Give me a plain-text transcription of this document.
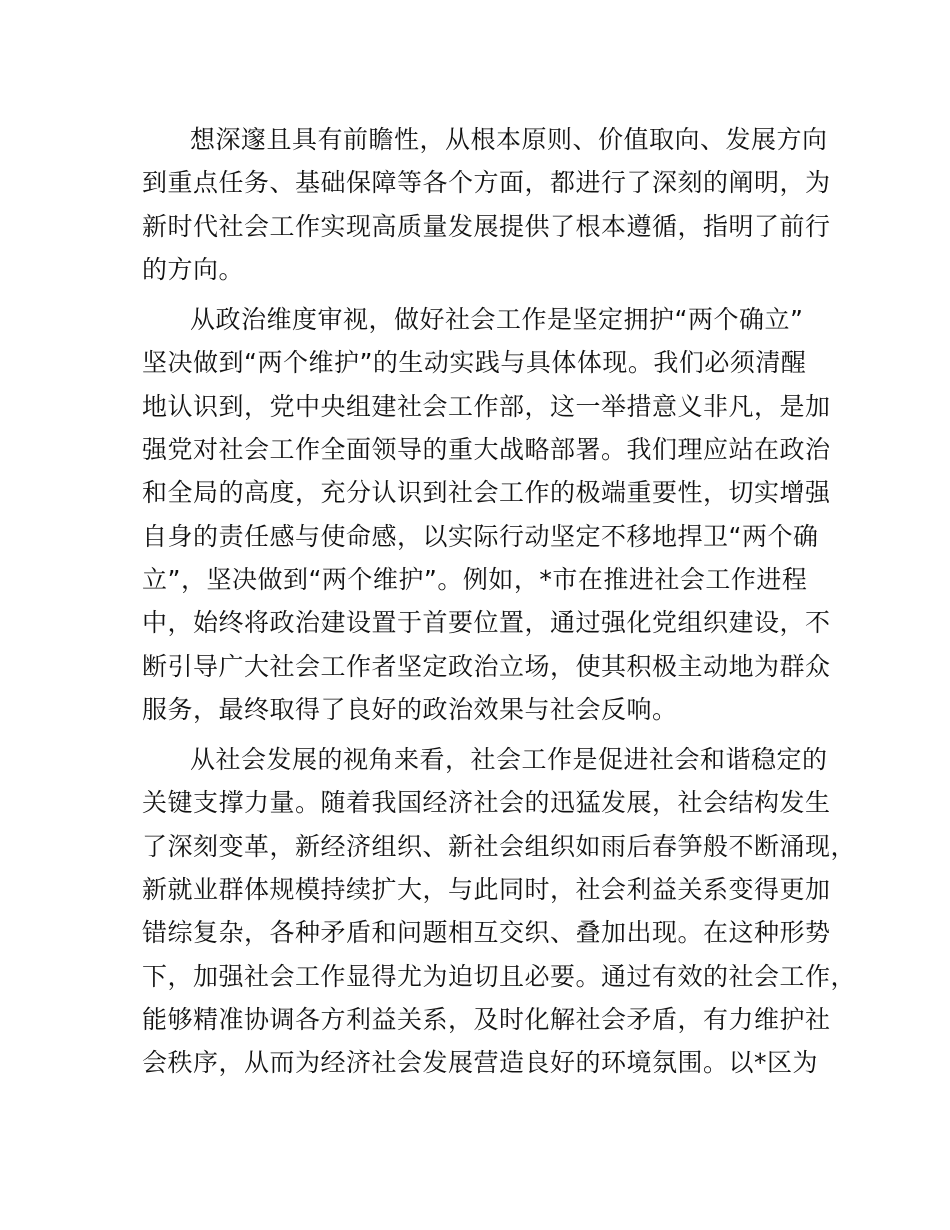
想深邃且具有前瞻性，从根本原则、价值取向、发展方向
到重点任务、基础保障等各个方面，都进行了深刻的阐明，为
新时代社会工作实现高质量发展提供了根本遵循，指明了前行
的方向。
从政治维度审视，做好社会工作是坚定拥护“两个确立”
坚决做到“两个维护”的生动实践与具体体现。我们必须清醒
地认识到，党中央组建社会工作部，这一举措意义非凡，是加
强党对社会工作全面领导的重大战略部署。我们理应站在政治
和全局的高度，充分认识到社会工作的极端重要性，切实增强
自身的责任感与使命感，以实际行动坚定不移地捍卫“两个确
立”，坚决做到“两个维护”。例如，*市在推进社会工作进程
中，始终将政治建设置于首要位置，通过强化党组织建设，不
断引导广大社会工作者坚定政治立场，使其积极主动地为群众
服务，最终取得了良好的政治效果与社会反响。
从社会发展的视角来看，社会工作是促进社会和谐稳定的
关键支撑力量。随着我国经济社会的迅猛发展，社会结构发生
了深刻变革，新经济组织、新社会组织如雨后春笋般不断涌现，
新就业群体规模持续扩大，与此同时，社会利益关系变得更加
错综复杂，各种矛盾和问题相互交织、叠加出现。在这种形势
下，加强社会工作显得尤为迫切且必要。通过有效的社会工作，
能够精准协调各方利益关系，及时化解社会矛盾，有力维护社
会秩序，从而为经济社会发展营造良好的环境氛围。以*区为
